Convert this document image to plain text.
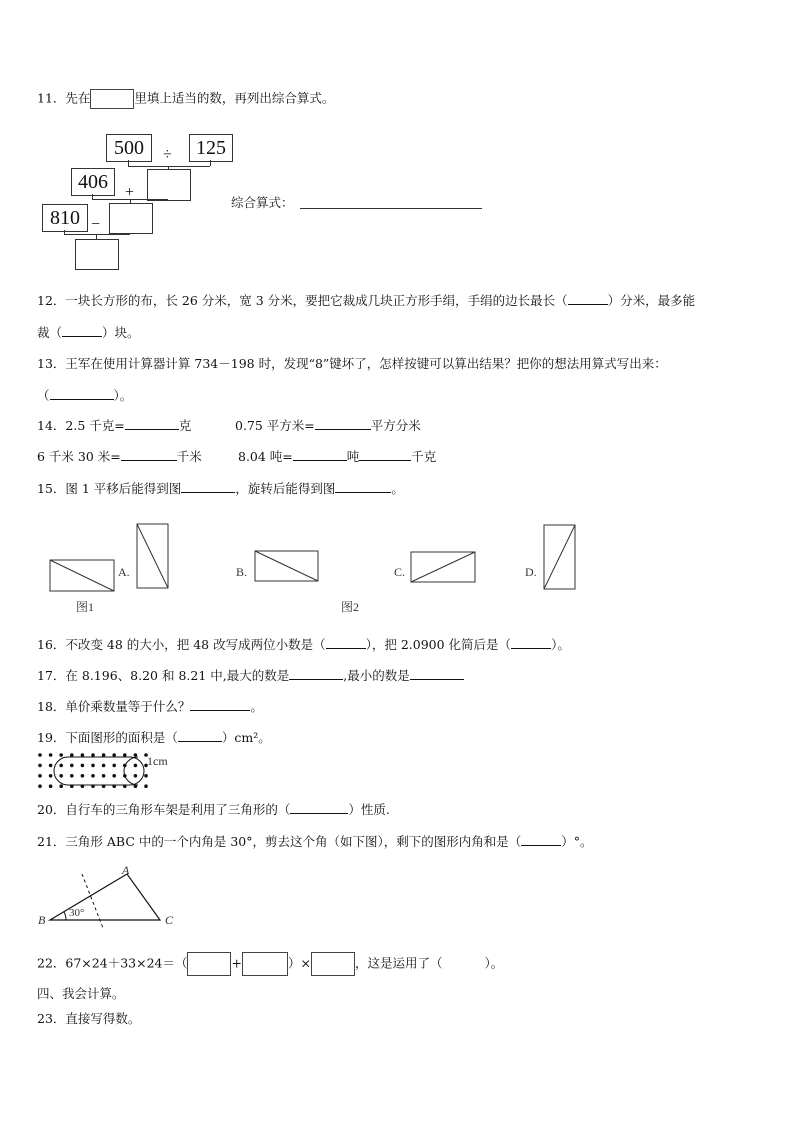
11．先在	里填上适当的数，再列出综合算式。
500	÷	125
406	+
810 −
综合算式：
12．一块长方形的布，长 26 分米，宽 3 分米，要把它裁成几块正方形手绢，手绢的边长最长（	）分米，最多能
裁（	）块。
13．王军在使用计算器计算 734－198 时，发现“8”键坏了，怎样按键可以算出结果？把你的想法用算式写出来：
（	）。
14．2.5 千克=	克	0.75 平方米=	平方分米
6 千米 30 米=	千米	8.04 吨=	吨	千克
15．图 1 平移后能得到图	，旋转后能得到图	。
A.	B.	C.	D.
图1	图2
16．不改变 48 的大小，把 48 改写成两位小数是（	），把 2.0900 化简后是（	）。
17．在 8.196、8.20 和 8.21 中,最大的数是	,最小的数是
18．单价乘数量等于什么？	。
19．下面图形的面积是（	）cm²。
1cm
20．自行车的三角形车架是利用了三角形的（	）性质.
21．三角形 ABC 中的一个内角是 30°，剪去这个角（如下图），剩下的图形内角和是（	）°。
A
B	C
30°
22．67×24＋33×24＝（	+	）×	，这是运用了（	）。
四、我会计算。
23．直接写得数。
